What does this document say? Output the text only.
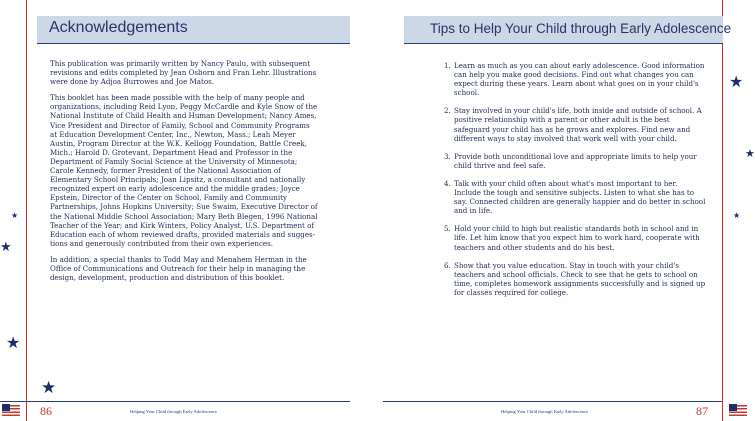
Acknowledgements

This publication was primarily written by Nancy Paulu, with subsequent revisions and edits completed by Jean Osborn and Fran Lehr. Illustrations were done by Adjoa Burrowes and Joe Matos.

This booklet has been made possible with the help of many people and organizations, including Reid Lyon, Peggy McCardle and Kyle Snow of the National Institute of Child Health and Human Development; Nancy Ames, Vice President and Director of Family, School and Community Programs at Education Development Center, Inc., Newton, Mass.; Leah Meyer Austin, Program Director at the W.K. Kellogg Foundation, Battle Creek, Mich.; Harold D. Grotevant, Department Head and Professor in the Department of Family Social Science at the University of Minnesota; Carole Kennedy, former President of the National Association of Elementary School Principals; Joan Lipsitz, a consultant and nationally recognized expert on early adolescence and the middle grades; Joyce Epstein, Director of the Center on School, Family and Community Partnerships, Johns Hopkins University; Sue Swaim, Executive Director of the National Middle School Association; Mary Beth Blegen, 1996 National Teacher of the Year; and Kirk Winters, Policy Analyst, U.S. Department of Education each of whom reviewed drafts, provided materials and sugges- tions and generously contributed from their own experiences.

In addition, a special thanks to Todd May and Menahem Herman in the Office of Communications and Outreach for their help in managing the design, development, production and distribution of this booklet.

★
★
★
★
86	Helping Your Child through Early Adolescence
Tips to Help Your Child through Early Adolescence
1. Learn as much as you can about early adolescence. Good information can help you make good decisions. Find out what changes you can expect during these years. Learn about what goes on in your child's school.
2. Stay involved in your child's life, both inside and outside of school. A positive relationship with a parent or other adult is the best safeguard your child has as he grows and explores. Find new and different ways to stay involved that work well with your child.
3. Provide both unconditional love and appropriate limits to help your child thrive and feel safe.
4. Talk with your child often about what's most important to her. Include the tough and sensitive subjects. Listen to what she has to say. Connected children are generally happier and do better in school and in life.
5. Hold your child to high but realistic standards both in school and in life. Let him know that you expect him to work hard, cooperate with teachers and other students and do his best.
6. Show that you value education. Stay in touch with your child's teachers and school officials. Check to see that he gets to school on time, completes homework assignments successfully and is signed up for classes required for college.
★
★
★
Helping Your Child through Early Adolescence	87
